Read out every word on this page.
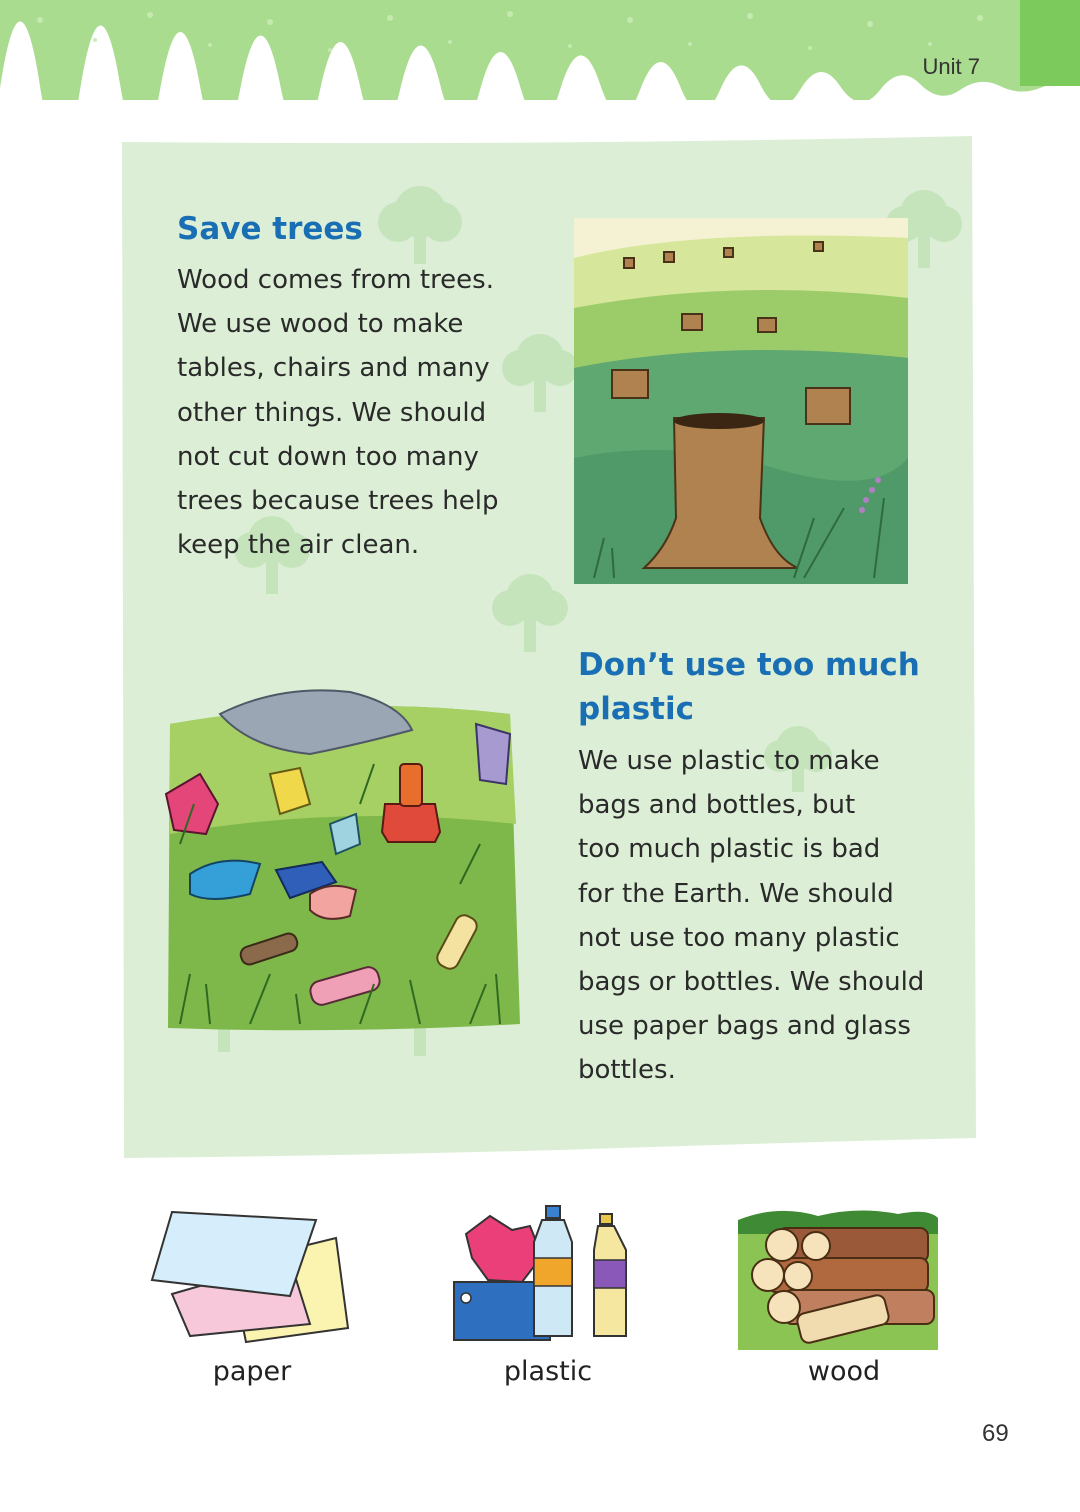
Unit 7
Save trees
Wood comes from trees.
We use wood to make
tables, chairs and many
other things. We should
not cut down too many
trees because trees help
keep the air clean.
Don’t use too much
plastic
We use plastic to make
bags and bottles, but
too much plastic is bad
for the Earth. We should
not use too many plastic
bags or bottles. We should
use paper bags and glass
bottles.
paper	plastic	wood
69
